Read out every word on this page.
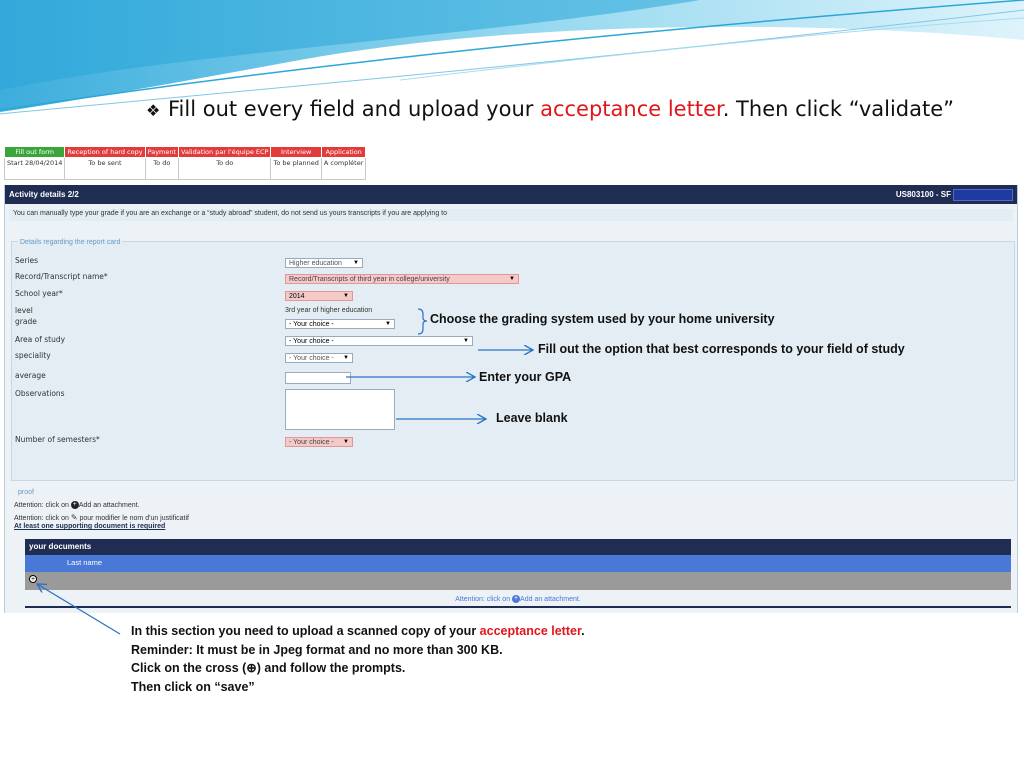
❖ Fill out every field and upload your acceptance letter. Then click “validate”
Fill out form	Reception of hard copy	Payment	Validation par l'équipe ECP	Interview	Application
Start 28/04/2014	To be sent	To do	To do	To be planned	A compléter
Activity details 2/2	US803100 - SF
You can manually type your grade if you are an exchange or a “study abroad” student, do not send us yours transcripts if you are applying to
Details regarding the report card
Series	Higher education ▼
Record/Transcript name*	Record/Transcripts of third year in college/university	▼
School year*	2014	▼
level	3rd year of higher education
grade	- Your choice -	▼
Area of study	- Your choice -	▼
speciality	- Your choice - ▼
average
Observations
Number of semesters*	- Your choice - ▼
proof
Attention: click on + Add an attachment.
Attention: click on ✎ pour modifier le nom d'un justificatif
At least one supporting document is required
your documents
Last name
+
Attention: click on + Add an attachment.
Choose the grading system used by your home university
Fill out the option that best corresponds to your field of study
Enter your GPA
Leave blank
In this section you need to upload a scanned copy of your acceptance letter.
Reminder: It must be in Jpeg format and no more than 300 KB.
Click on the cross (⊕) and follow the prompts.
Then click on “save”
